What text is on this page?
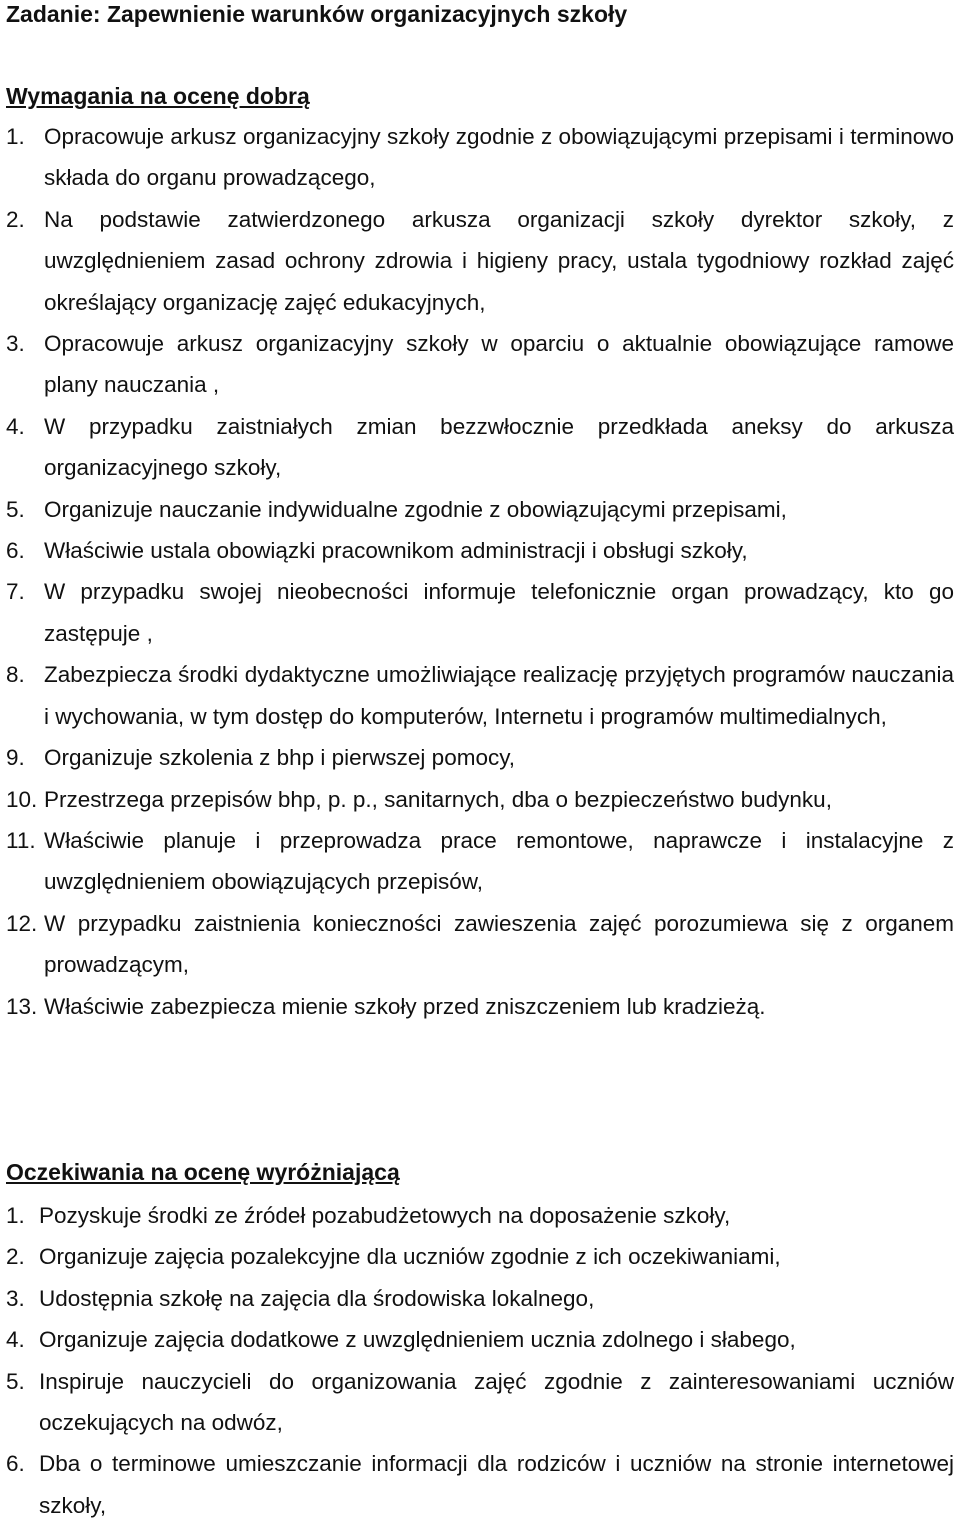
Zadanie: Zapewnienie warunków organizacyjnych szkoły
Wymagania na ocenę dobrą
1. Opracowuje arkusz organizacyjny szkoły zgodnie z obowiązującymi przepisami i terminowo składa do organu prowadzącego,
2. Na podstawie zatwierdzonego arkusza organizacji szkoły dyrektor szkoły, z uwzględnieniem zasad ochrony zdrowia i higieny pracy, ustala tygodniowy rozkład zajęć określający organizację zajęć edukacyjnych,
3. Opracowuje arkusz organizacyjny szkoły w oparciu o aktualnie obowiązujące ramowe plany nauczania ,
4. W przypadku zaistniałych zmian bezzwłocznie przedkłada aneksy do arkusza organizacyjnego szkoły,
5. Organizuje nauczanie indywidualne zgodnie z obowiązującymi przepisami,
6. Właściwie ustala obowiązki pracownikom administracji i obsługi szkoły,
7. W przypadku swojej nieobecności informuje telefonicznie organ prowadzący, kto go zastępuje ,
8. Zabezpiecza środki dydaktyczne umożliwiające realizację przyjętych programów nauczania i wychowania, w tym dostęp do komputerów, Internetu i programów multimedialnych,
9. Organizuje szkolenia z bhp i pierwszej pomocy,
10. Przestrzega przepisów bhp, p. p., sanitarnych, dba o bezpieczeństwo budynku,
11. Właściwie planuje i przeprowadza prace remontowe, naprawcze i instalacyjne z uwzględnieniem obowiązujących przepisów,
12. W przypadku zaistnienia konieczności zawieszenia zajęć porozumiewa się z organem prowadzącym,
13. Właściwie zabezpiecza mienie szkoły przed zniszczeniem lub kradzieżą.
Oczekiwania na ocenę wyróżniającą
1. Pozyskuje środki ze źródeł pozabudżetowych na doposażenie szkoły,
2. Organizuje zajęcia pozalekcyjne dla uczniów zgodnie z ich oczekiwaniami,
3. Udostępnia szkołę na zajęcia dla środowiska lokalnego,
4. Organizuje zajęcia dodatkowe z uwzględnieniem ucznia zdolnego i słabego,
5. Inspiruje nauczycieli do organizowania zajęć zgodnie z zainteresowaniami uczniów oczekujących na odwóz,
6. Dba o terminowe umieszczanie informacji dla rodziców i uczniów na stronie internetowej szkoły,
